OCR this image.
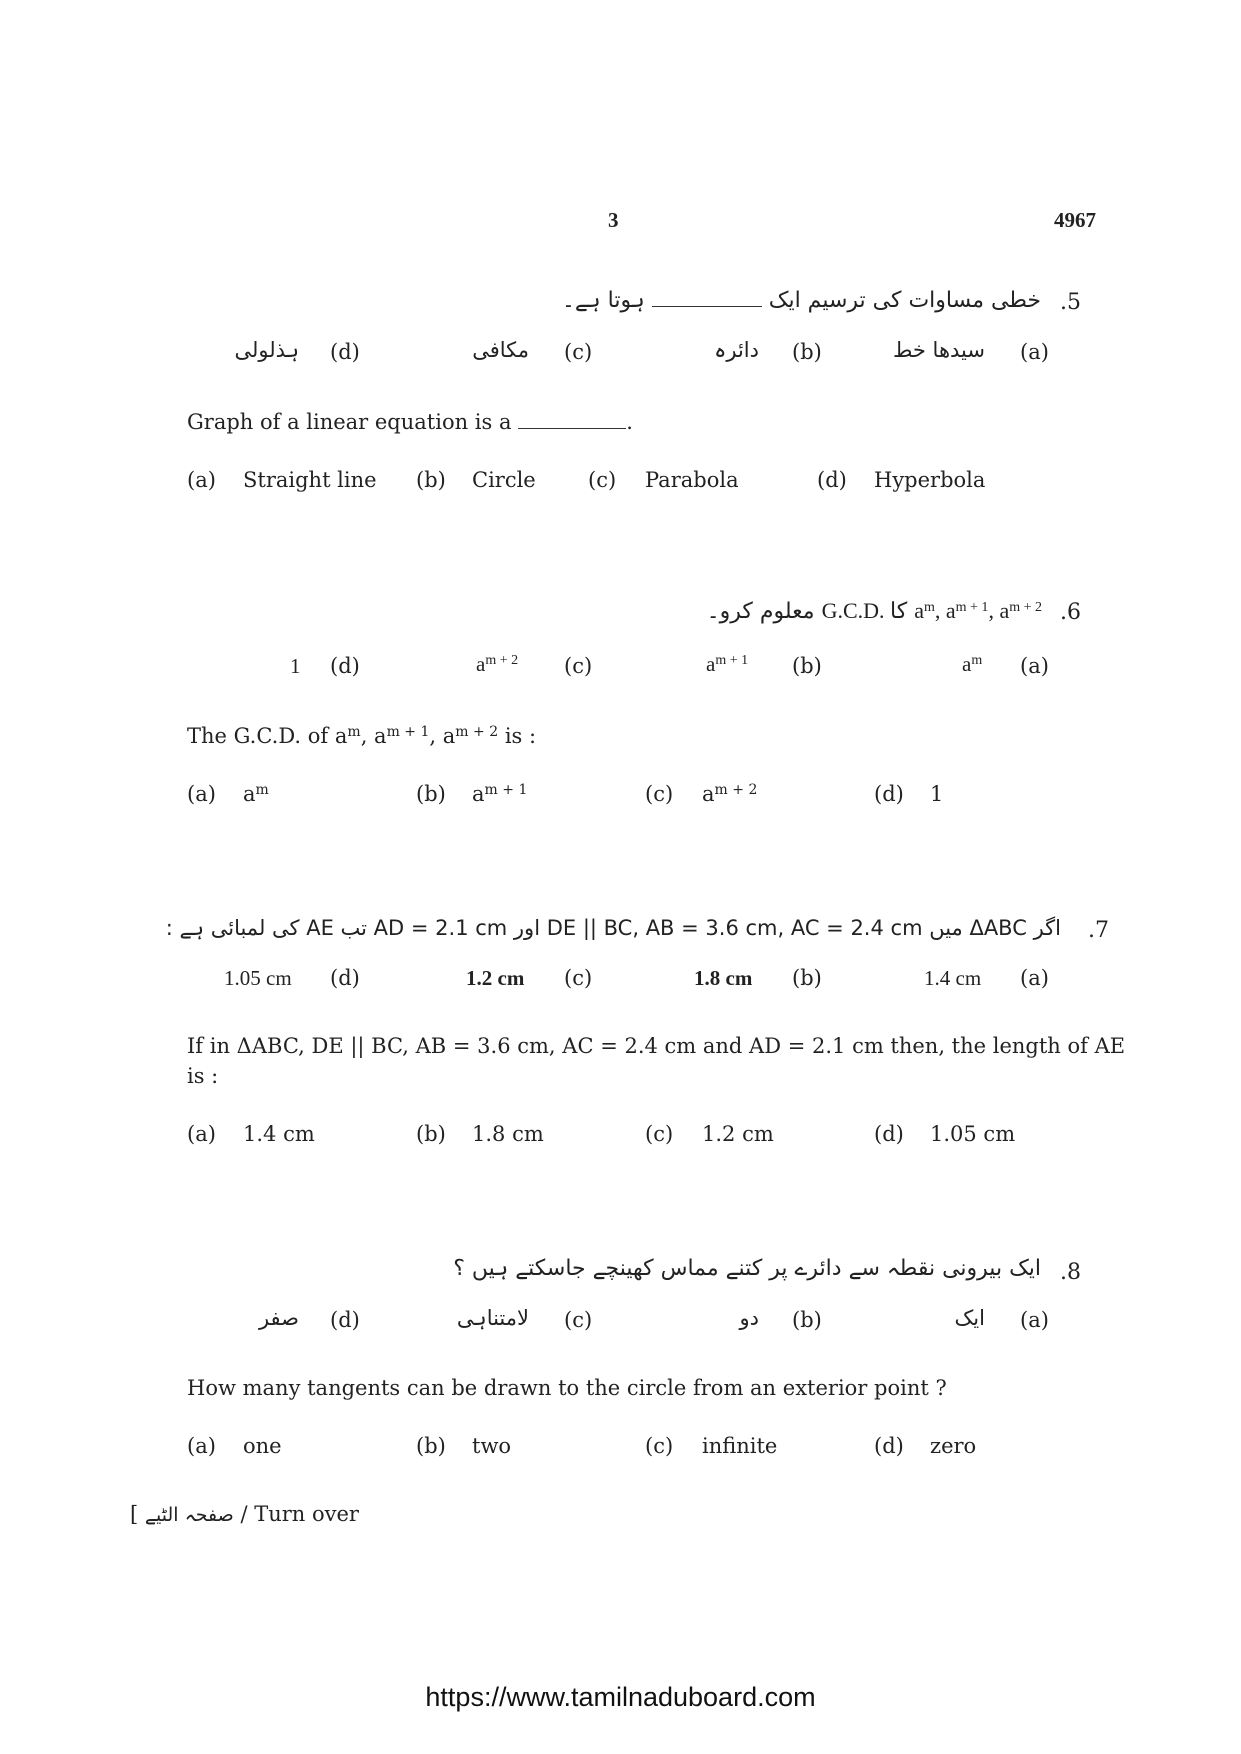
3	4967
.5
خطی مساوات کی ترسیم ایک  ہوتا ہے۔
(a)
سیدھا خط
(b)
دائرہ
(c)
مکافی
(d)
ہذلولی
Graph of a linear equation is a	.
(a) Straight line (b) Circle (c) Parabola	(d) Hyperbola
.6
معلوم کرو۔ G.C.D. کا $a^m$, $a^{m + 1}$, $a^{m + 2}$
(a)
$a^m$
(b)
$a^{m + 1}$
(c)
$a^{m + 2}$
(d)
1
The G.C.D. of $a^m$, $a^{m + 1}$, $a^{m + 2}$ is :
(a) $a^m$	(b) $a^{m + 1}$	(c) $a^{m + 2}$	(d) 1
.7
اگر ΔABC میں DE || BC, AB = 3.6 cm, AC = 2.4 cm اور AD = 2.1 cm تب AE کی لمبائی ہے :
(a)
1.4 cm
(b)
1.8 cm
(c)
1.2 cm
(d)
1.05 cm
If in ΔABC, DE || BC, AB = 3.6 cm, AC = 2.4 cm and AD = 2.1 cm then, the length of AE
is :
(a) 1.4 cm	(b) 1.8 cm	(c) 1.2 cm	(d) 1.05 cm
.8
ایک بیرونی نقطہ سے دائرے پر کتنے مماس کھینچے جاسکتے ہیں ؟
(a)
ایک
(b)
دو
(c)
لامتناہی
(d)
صفر
How many tangents can be drawn to the circle from an exterior point ?
(a) one	(b) two	(c) infinite	(d) zero
[ صفحہ الٹیے / Turn over
https://www.tamilnaduboard.com
